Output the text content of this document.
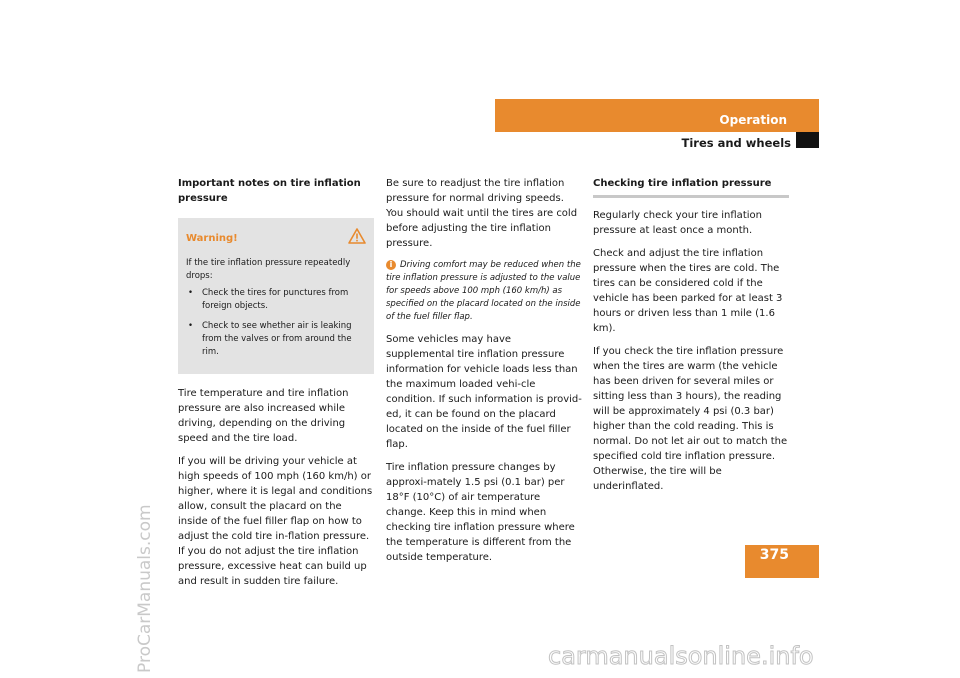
ProCarManuals.com
Operation
Tires and wheels
Important notes on tire inflation pressure
Warning!
If the tire inflation pressure repeatedly drops:
• Check the tires for punctures from foreign objects.
• Check to see whether air is leaking from the valves or from around the rim.

Tire temperature and tire inflation pressure are also increased while driving, depending on the driving speed and the tire load.

If you will be driving your vehicle at high speeds of 100 mph (160 km/h) or higher, where it is legal and conditions allow, consult the placard on the inside of the fuel filler flap on how to adjust the cold tire in-flation pressure. If you do not adjust the tire inflation pressure, excessive heat can build up and result in sudden tire failure.

Be sure to readjust the tire inflation pressure for normal driving speeds. You should wait until the tires are cold before adjusting the tire inflation pressure.

i Driving comfort may be reduced when the tire inflation pressure is adjusted to the value for speeds above 100 mph (160 km/h) as specified on the placard located on the inside of the fuel filler flap.

Some vehicles may have supplemental tire inflation pressure information for vehicle loads less than the maximum loaded vehi-cle condition. If such information is provid-ed, it can be found on the placard located on the inside of the fuel filler flap.

Tire inflation pressure changes by approxi-mately 1.5 psi (0.1 bar) per 18°F (10°C) of air temperature change. Keep this in mind when checking tire inflation pressure where the temperature is different from the outside temperature.

Checking tire inflation pressure

Regularly check your tire inflation pressure at least once a month.

Check and adjust the tire inflation pressure when the tires are cold. The tires can be considered cold if the vehicle has been parked for at least 3 hours or driven less than 1 mile (1.6 km).

If you check the tire inflation pressure when the tires are warm (the vehicle has been driven for several miles or sitting less than 3 hours), the reading will be approximately 4 psi (0.3 bar) higher than the cold reading. This is normal. Do not let air out to match the specified cold tire inflation pressure. Otherwise, the tire will be underinflated.

375
carmanualsonline.info
